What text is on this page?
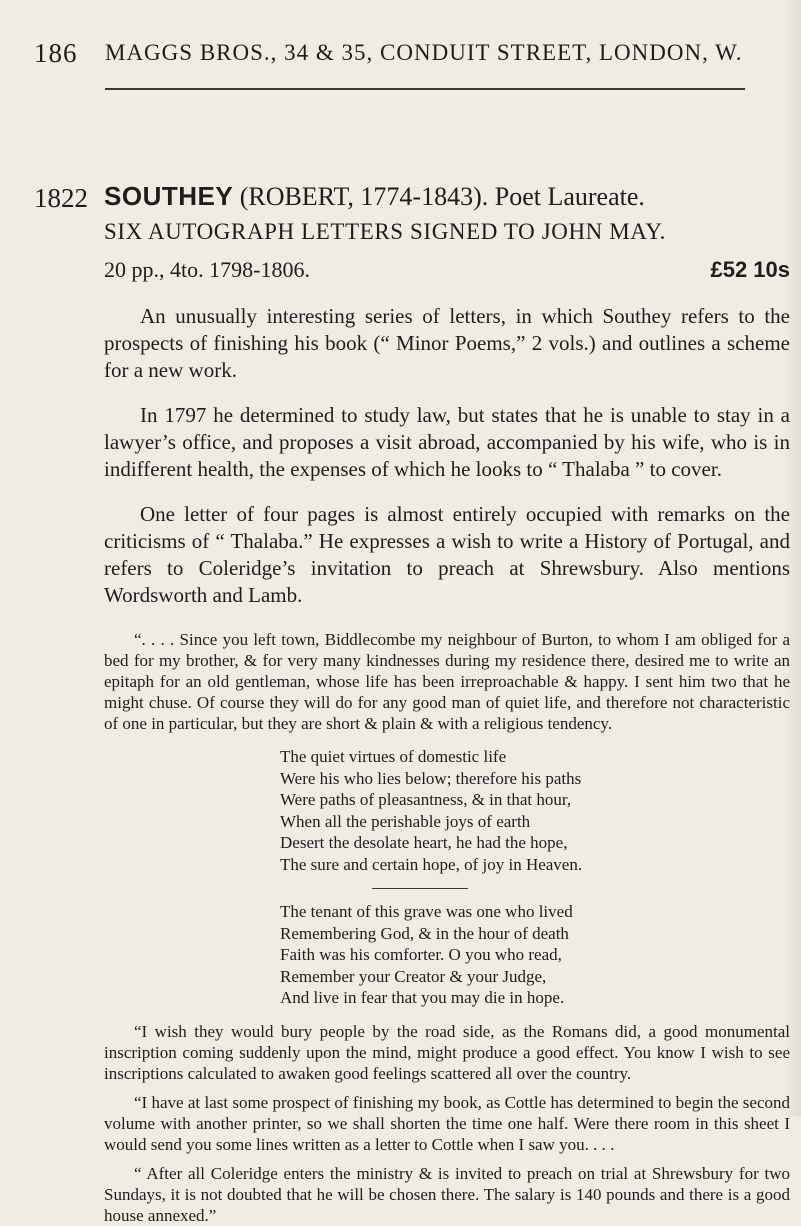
186 MAGGS BROS., 34 & 35, CONDUIT STREET, LONDON, W.
1822 SOUTHEY (ROBERT, 1774-1843). Poet Laureate.
SIX AUTOGRAPH LETTERS SIGNED TO JOHN MAY.
20 pp., 4to. 1798-1806.	£52 10s

An unusually interesting series of letters, in which Southey refers to the prospects of finishing his book (“ Minor Poems,” 2 vols.) and outlines a scheme for a new work.

In 1797 he determined to study law, but states that he is unable to stay in a lawyer’s office, and proposes a visit abroad, accompanied by his wife, who is in indifferent health, the expenses of which he looks to “ Thalaba ” to cover.

One letter of four pages is almost entirely occupied with remarks on the criticisms of “ Thalaba.” He expresses a wish to write a History of Portugal, and refers to Coleridge’s invitation to preach at Shrewsbury. Also mentions Wordsworth and Lamb.

“. . . . Since you left town, Biddlecombe my neighbour of Burton, to whom I am obliged for a bed for my brother, & for very many kindnesses during my residence there, desired me to write an epitaph for an old gentleman, whose life has been irreproachable & happy. I sent him two that he might chuse. Of course they will do for any good man of quiet life, and therefore not characteristic of one in particular, but they are short & plain & with a religious tendency.

The quiet virtues of domestic life
Were his who lies below; therefore his paths
Were paths of pleasantness, & in that hour,
When all the perishable joys of earth
Desert the desolate heart, he had the hope,
The sure and certain hope, of joy in Heaven.
The tenant of this grave was one who lived
Remembering God, & in the hour of death
Faith was his comforter. O you who read,
Remember your Creator & your Judge,
And live in fear that you may die in hope.

“I wish they would bury people by the road side, as the Romans did, a good monumental inscription coming suddenly upon the mind, might produce a good effect. You know I wish to see inscriptions calculated to awaken good feelings scattered all over the country.

“I have at last some prospect of finishing my book, as Cottle has determined to begin the second volume with another printer, so we shall shorten the time one half. Were there room in this sheet I would send you some lines written as a letter to Cottle when I saw you. . . .

“ After all Coleridge enters the ministry & is invited to preach on trial at Shrewsbury for two Sundays, it is not doubted that he will be chosen there. The salary is 140 pounds and there is a good house annexed.”
